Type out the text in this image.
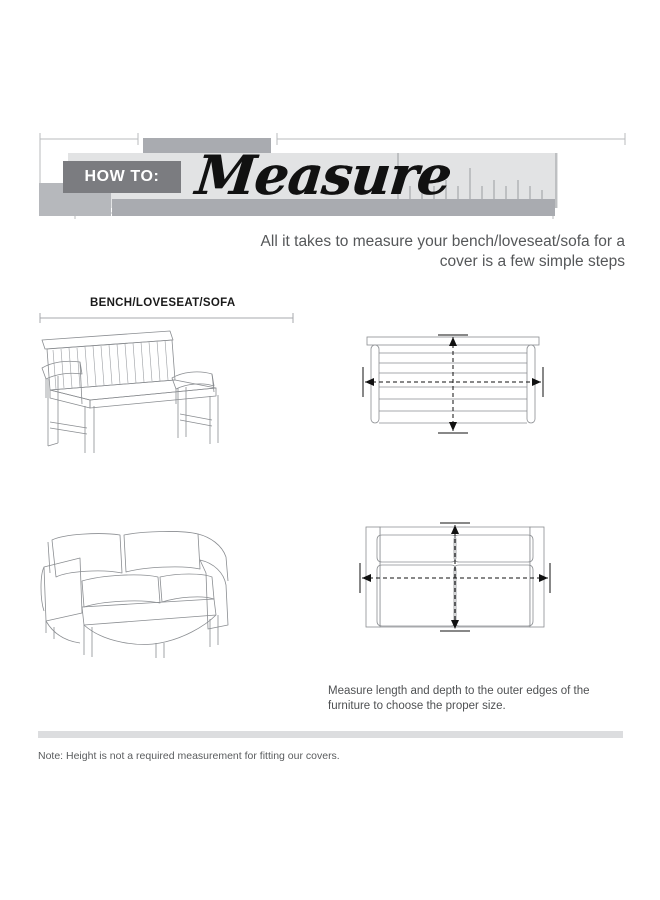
HOW TO: Measure
All it takes to measure your bench/loveseat/sofa for a
cover is a few simple steps
BENCH/LOVESEAT/SOFA
Measure length and depth to the outer edges of the
furniture to choose the proper size.
Note: Height is not a required measurement for fitting our covers.
